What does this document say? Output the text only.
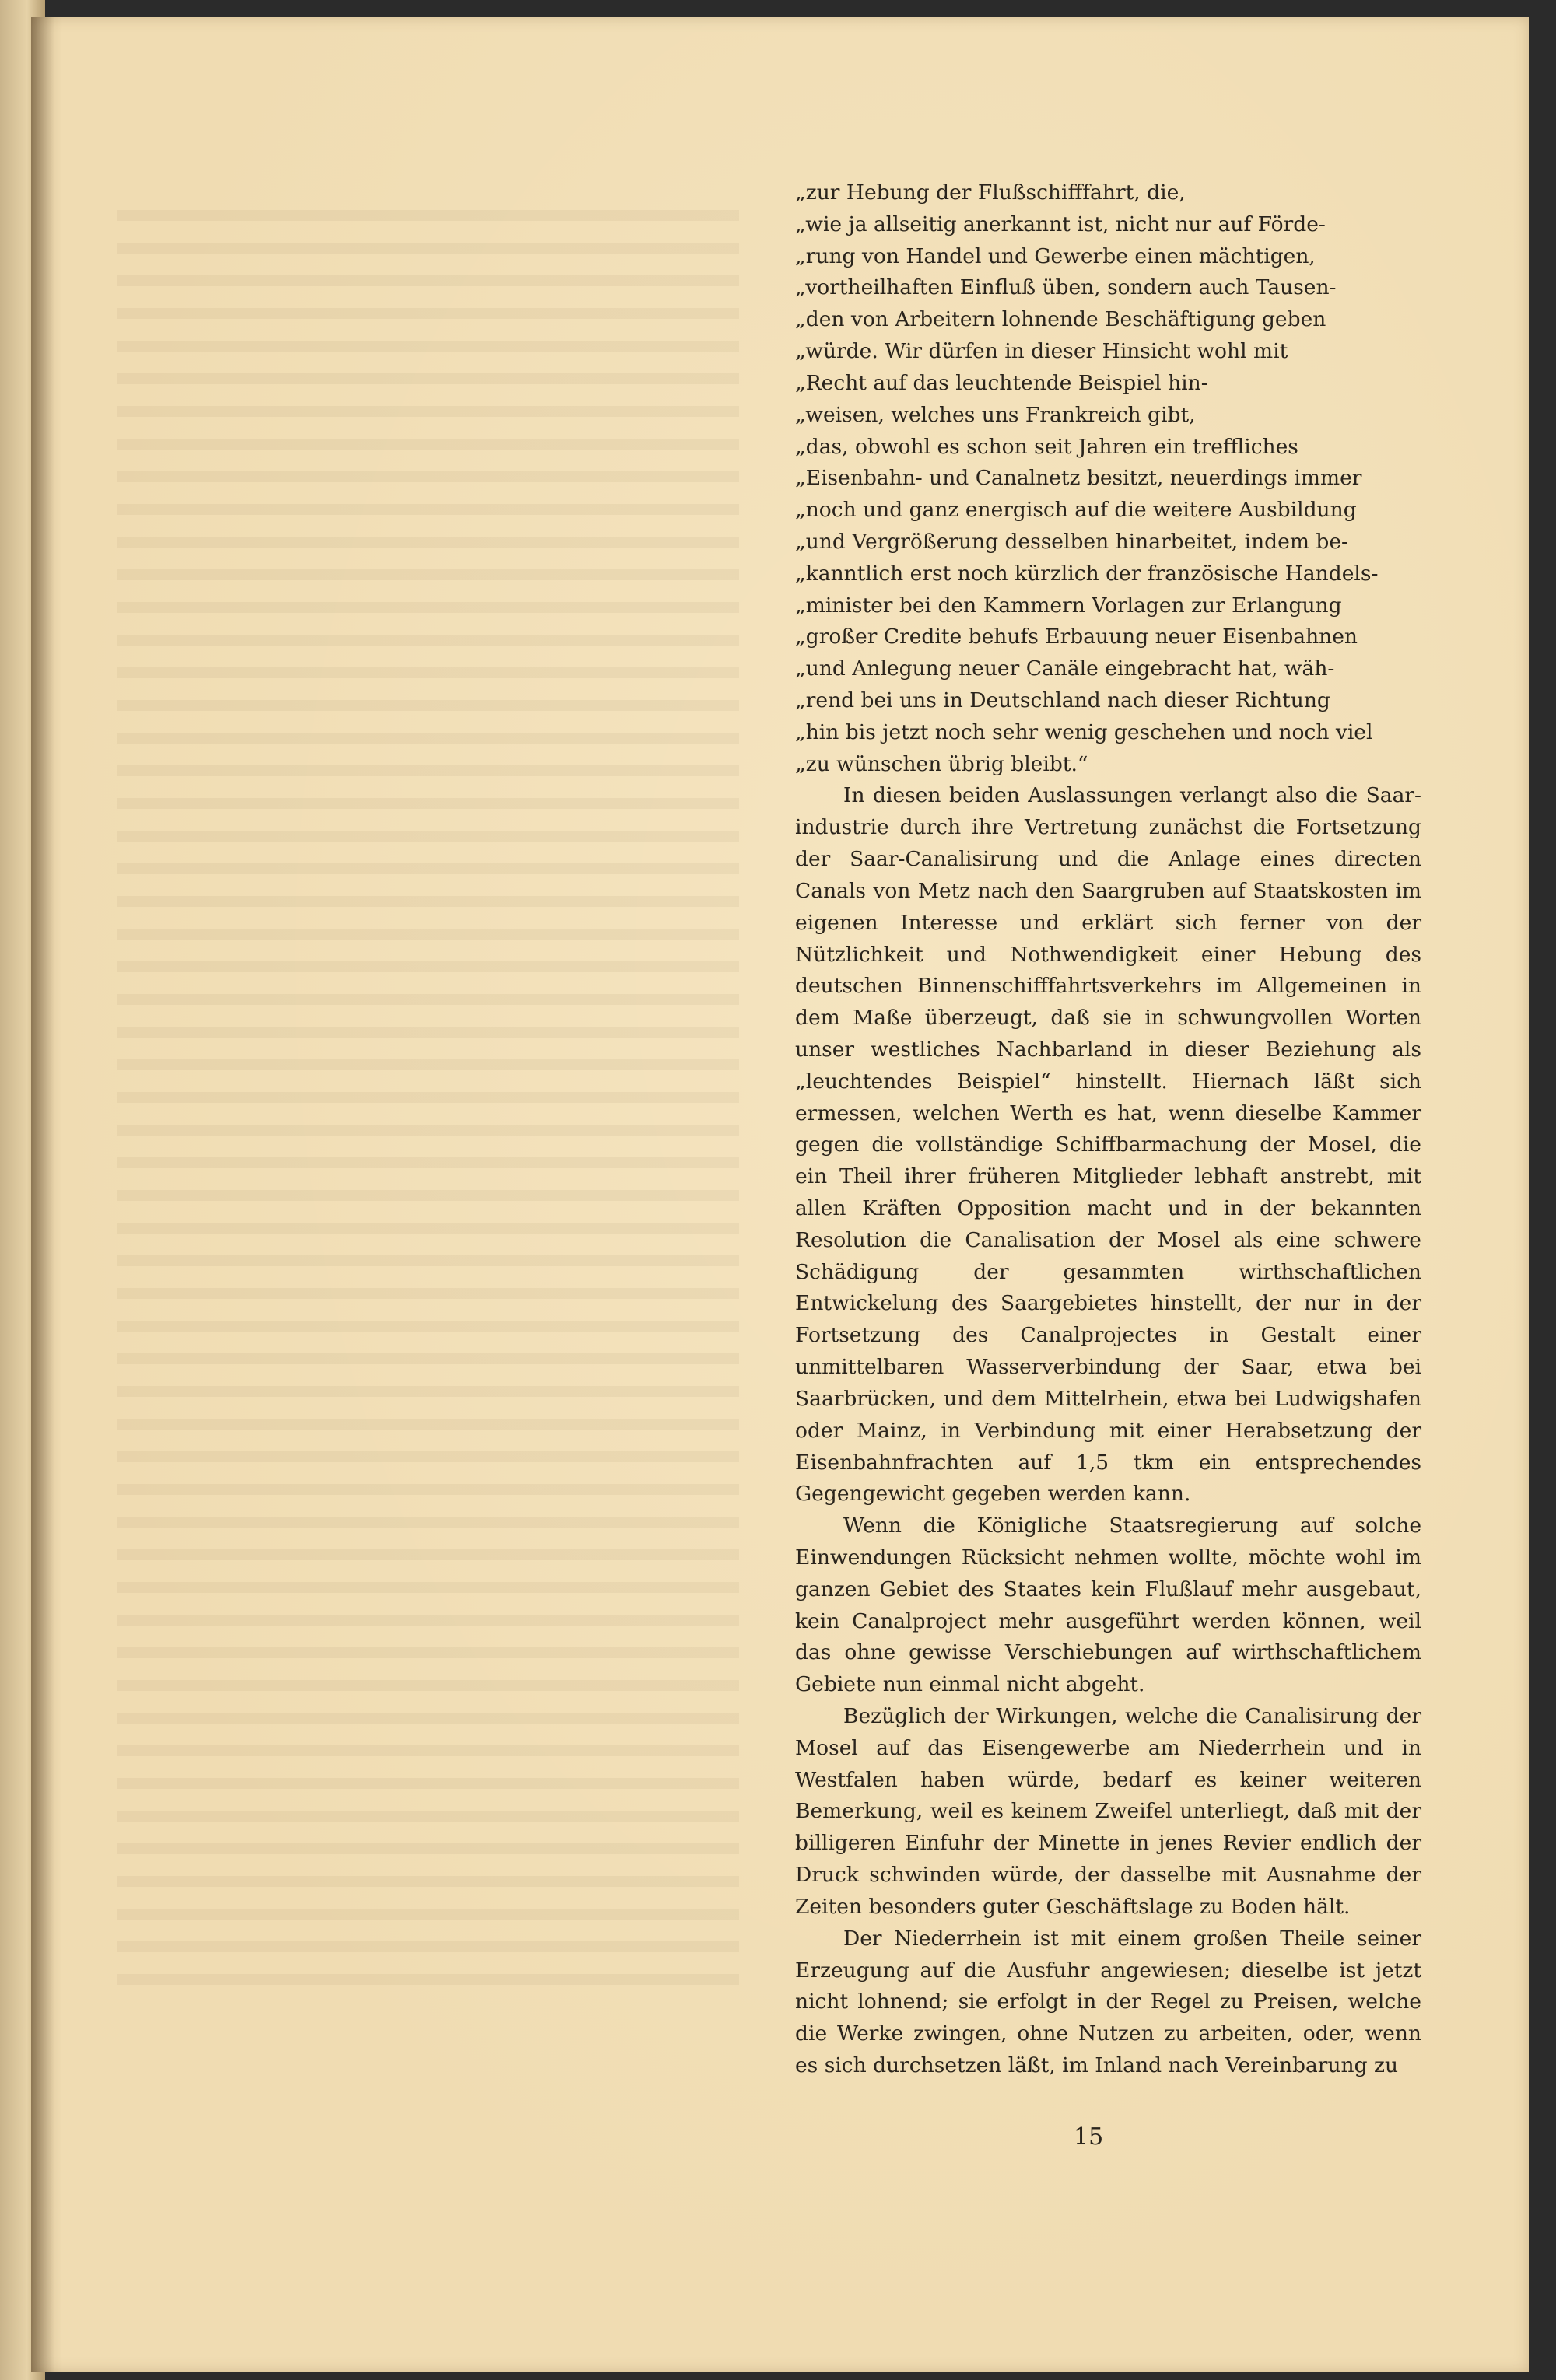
„zur Hebung der Flußschifffahrt, die,

„wie ja allseitig anerkannt ist, nicht nur auf Förde-

„rung von Handel und Gewerbe einen mächtigen,

„vortheilhaften Einfluß üben, sondern auch Tausen-

„den von Arbeitern lohnende Beschäftigung geben

„würde. Wir dürfen in dieser Hinsicht wohl mit

„Recht auf das leuchtende Beispiel hin-

„weisen, welches uns Frankreich gibt,

„das, obwohl es schon seit Jahren ein treffliches

„Eisenbahn- und Canalnetz besitzt, neuerdings immer

„noch und ganz energisch auf die weitere Ausbildung

„und Vergrößerung desselben hinarbeitet, indem be-

„kanntlich erst noch kürzlich der französische Handels-

„minister bei den Kammern Vorlagen zur Erlangung

„großer Credite behufs Erbauung neuer Eisenbahnen

„und Anlegung neuer Canäle eingebracht hat, wäh-

„rend bei uns in Deutschland nach dieser Richtung

„hin bis jetzt noch sehr wenig geschehen und noch viel

„zu wünschen übrig bleibt.“

In diesen beiden Auslassungen verlangt also die Saar-industrie durch ihre Vertretung zunächst die Fortsetzung der Saar-Canalisirung und die Anlage eines directen Canals von Metz nach den Saargruben auf Staatskosten im eigenen Interesse und erklärt sich ferner von der Nützlichkeit und Nothwendigkeit einer Hebung des deutschen Binnenschifffahrtsverkehrs im Allgemeinen in dem Maße überzeugt, daß sie in schwungvollen Worten unser westliches Nachbarland in dieser Beziehung als „leuchtendes Beispiel“ hinstellt. Hiernach läßt sich ermessen, welchen Werth es hat, wenn dieselbe Kammer gegen die vollständige Schiffbarmachung der Mosel, die ein Theil ihrer früheren Mitglieder lebhaft anstrebt, mit allen Kräften Opposition macht und in der bekannten Resolution die Canalisation der Mosel als eine schwere Schädigung der gesammten wirthschaftlichen Entwickelung des Saargebietes hinstellt, der nur in der Fortsetzung des Canalprojectes in Gestalt einer unmittelbaren Wasserverbindung der Saar, etwa bei Saarbrücken, und dem Mittelrhein, etwa bei Ludwigshafen oder Mainz, in Verbindung mit einer Herabsetzung der Eisenbahnfrachten auf 1,5 tkm ein entsprechendes Gegengewicht gegeben werden kann.

Wenn die Königliche Staatsregierung auf solche Einwendungen Rücksicht nehmen wollte, möchte wohl im ganzen Gebiet des Staates kein Flußlauf mehr ausgebaut, kein Canalproject mehr ausgeführt werden können, weil das ohne gewisse Verschiebungen auf wirthschaftlichem Gebiete nun einmal nicht abgeht.

Bezüglich der Wirkungen, welche die Canalisirung der Mosel auf das Eisengewerbe am Niederrhein und in Westfalen haben würde, bedarf es keiner weiteren Bemerkung, weil es keinem Zweifel unterliegt, daß mit der billigeren Einfuhr der Minette in jenes Revier endlich der Druck schwinden würde, der dasselbe mit Ausnahme der Zeiten besonders guter Geschäftslage zu Boden hält.

Der Niederrhein ist mit einem großen Theile seiner Erzeugung auf die Ausfuhr angewiesen; dieselbe ist jetzt nicht lohnend; sie erfolgt in der Regel zu Preisen, welche die Werke zwingen, ohne Nutzen zu arbeiten, oder, wenn es sich durchsetzen läßt, im Inland nach Vereinbarung zu

15
